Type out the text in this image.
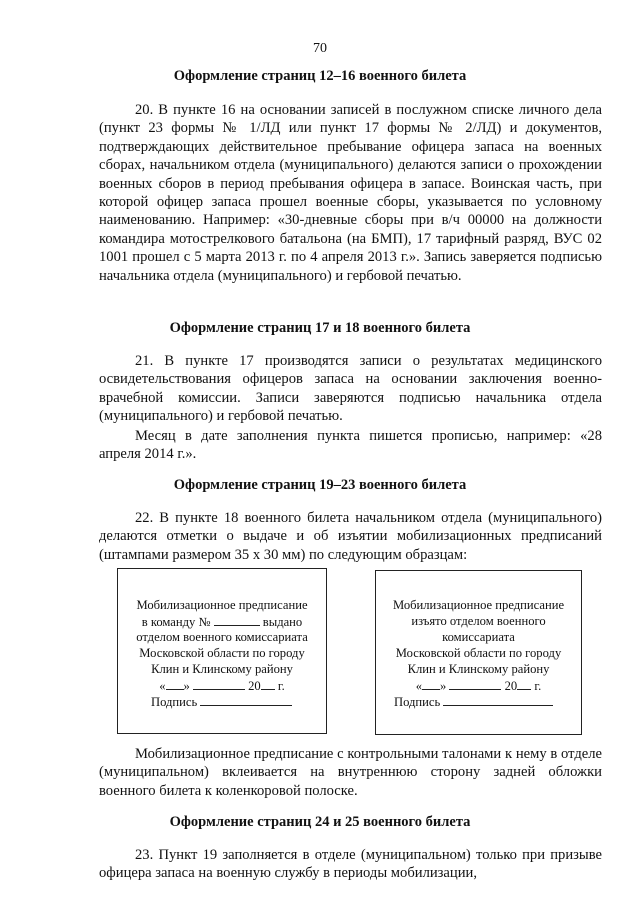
70
Оформление страниц 12–16 военного билета

20. В пункте 16 на основании записей в послужном списке личного дела (пункт 23 формы № 1/ЛД или пункт 17 формы № 2/ЛД) и документов, подтверждающих действительное пребывание офицера запаса на военных сборах, начальником отдела (муниципального) делаются записи о прохождении военных сборов в период пребывания офицера в запасе. Воинская часть, при которой офицер запаса прошел военные сборы, указывается по условному наименованию. Например: «30-дневные сборы при в/ч 00000 на должности командира мотострелкового батальона (на БМП), 17 тарифный разряд, ВУС 02 1001 прошел с 5 марта 2013 г. по 4 апреля 2013 г.». Запись заверяется подписью начальника отдела (муниципального) и гербовой печатью.

Оформление страниц 17 и 18 военного билета

21. В пункте 17 производятся записи о результатах медицинского освидетельствования офицеров запаса на основании заключения военно-врачебной комиссии. Записи заверяются подписью начальника отдела (муниципального) и гербовой печатью.

Месяц в дате заполнения пункта пишется прописью, например: «28 апреля 2014 г.».

Оформление страниц 19–23 военного билета

22. В пункте 18 военного билета начальником отдела (муниципального) делаются отметки о выдаче и об изъятии мобилизационных предписаний (штампами размером 35 х 30 мм) по следующим образцам:

Мобилизационное предписание
в команду №	выдано
отделом военного комиссариата
Московской области по городу
Клин и Клинскому району
« »	20 г.
Подпись
Мобилизационное предписание
изъято отделом военного
комиссариата
Московской области по городу
Клин и Клинскому району
« »	20 г.
Подпись

Мобилизационное предписание с контрольными талонами к нему в отделе (муниципальном) вклеивается на внутреннюю сторону задней обложки военного билета к коленкоровой полоске.

Оформление страниц 24 и 25 военного билета

23. Пункт 19 заполняется в отделе (муниципальном) только при призыве офицера запаса на военную службу в периоды мобилизации,
